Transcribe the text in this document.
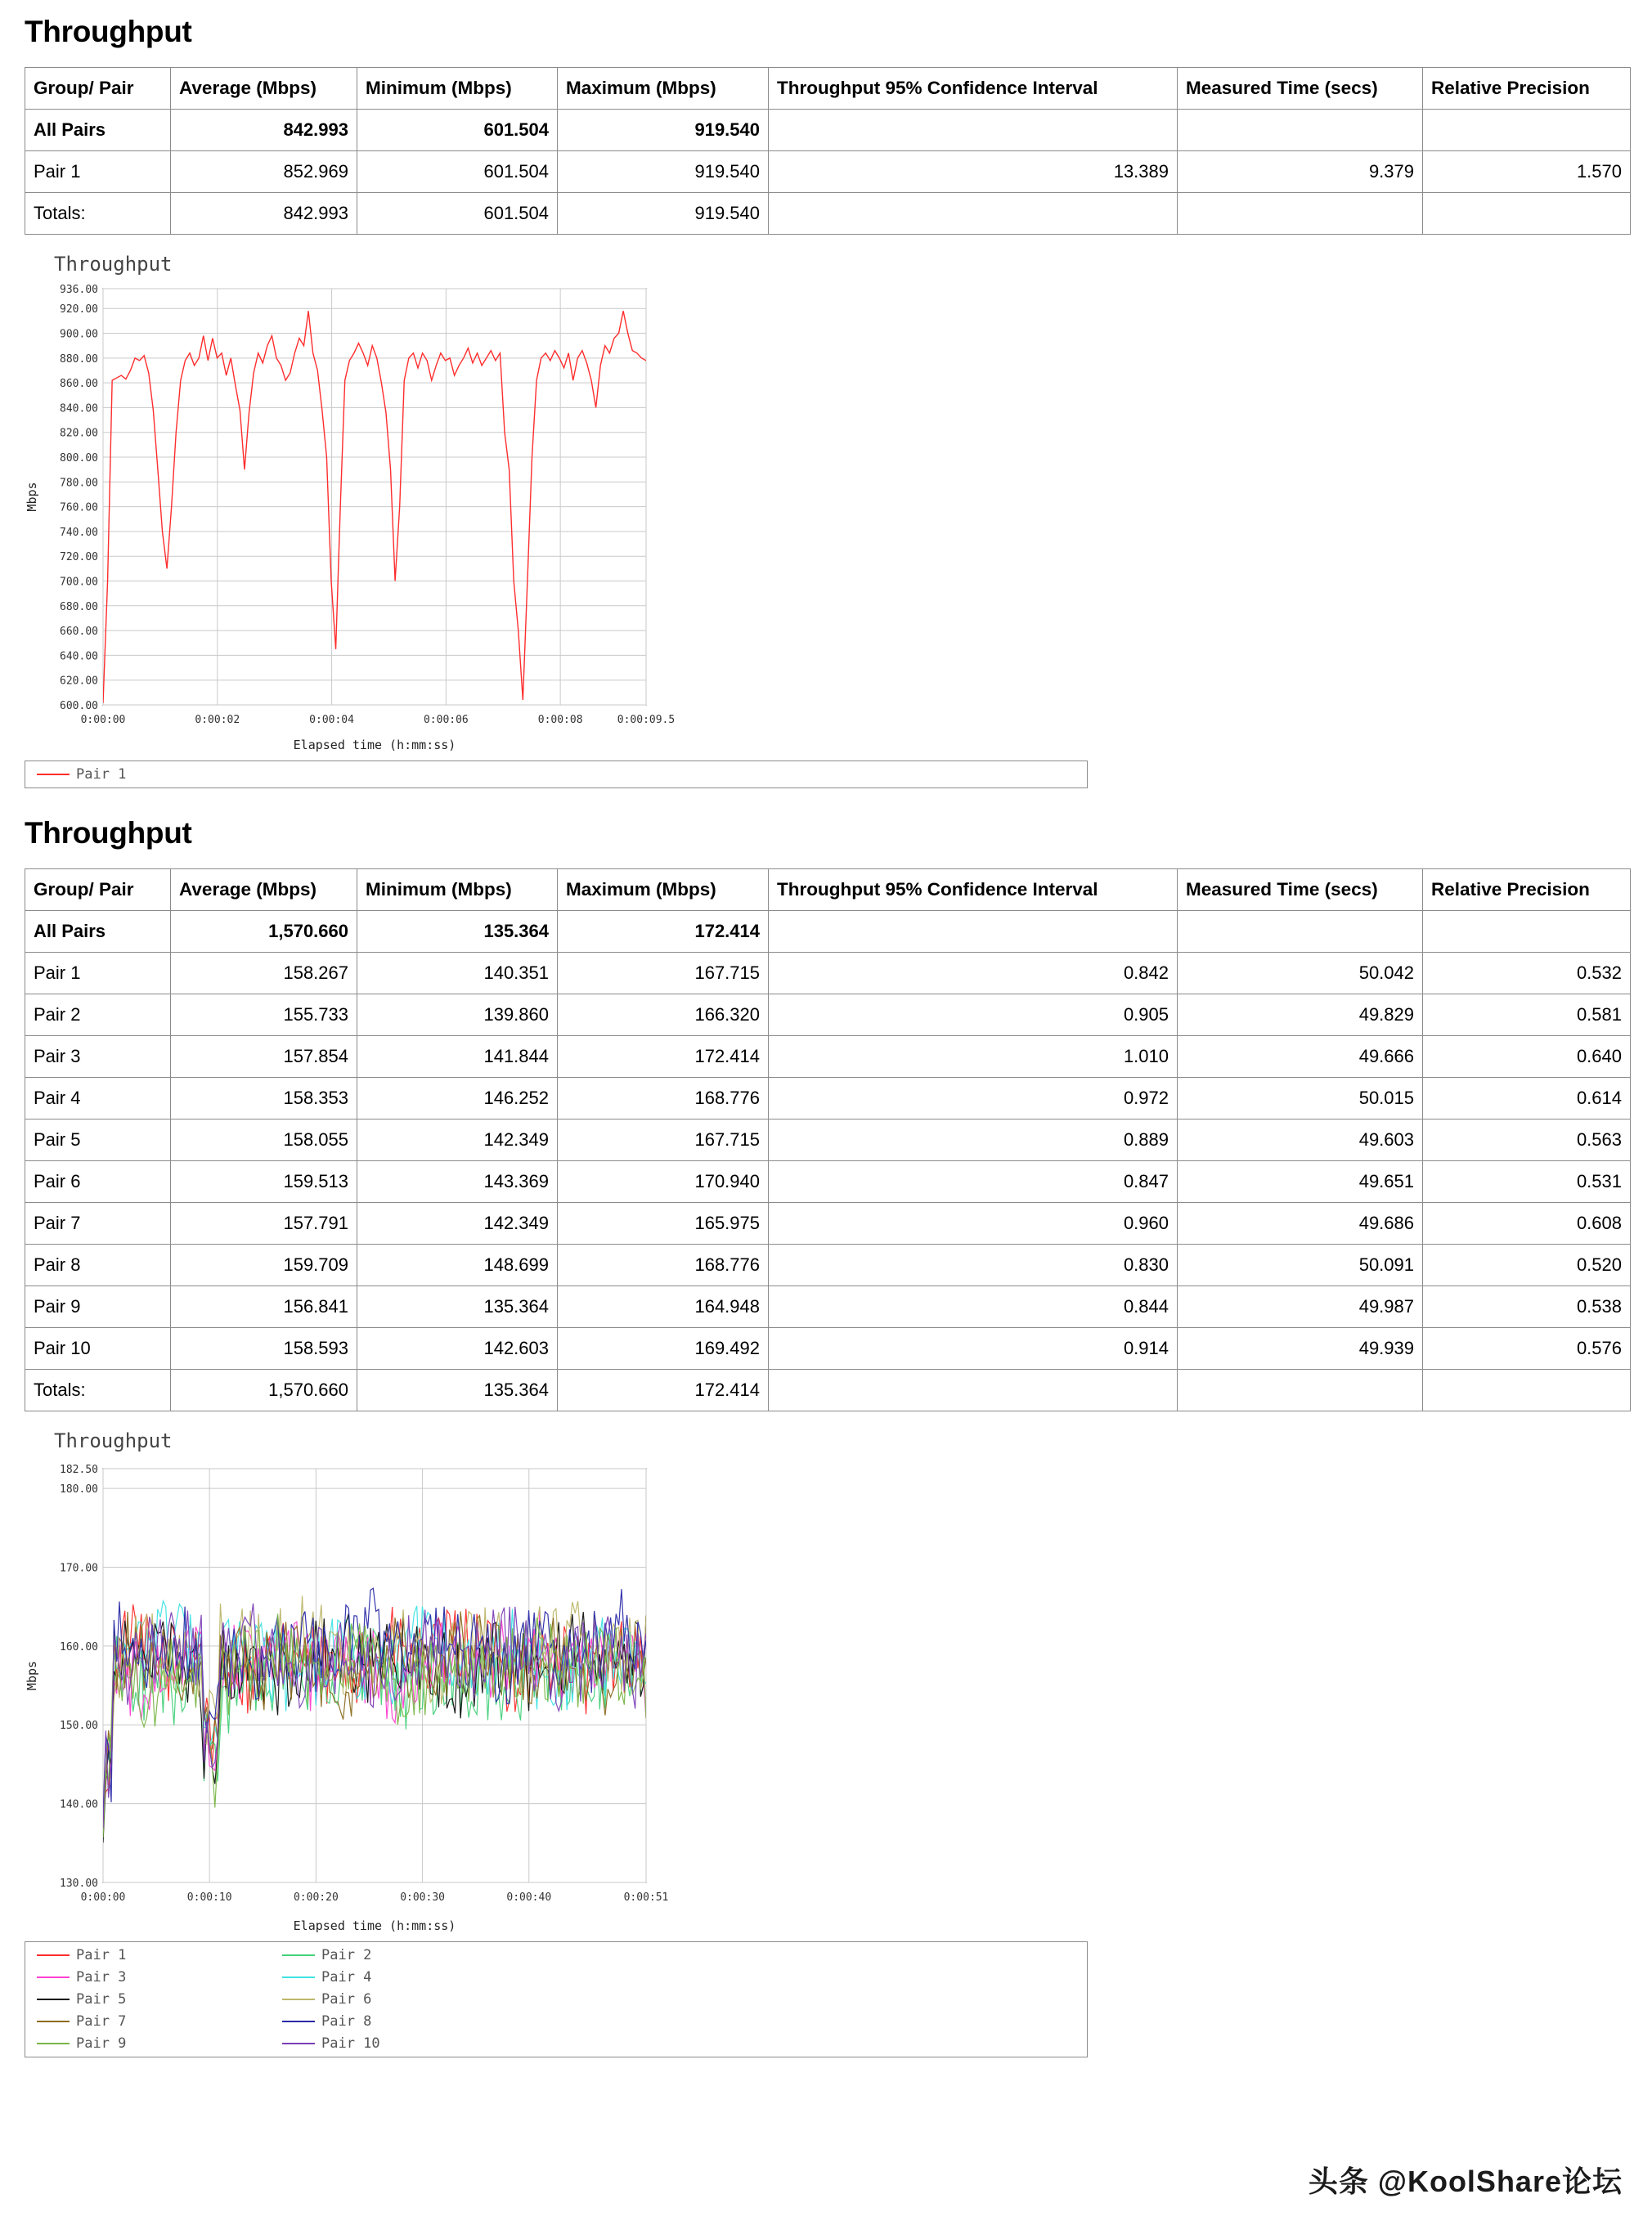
Throughput
Group/ Pair	Average (Mbps)	Minimum (Mbps)	Maximum (Mbps)	Throughput 95% Confidence Interval	Measured Time (secs)	Relative Precision
All Pairs	842.993	601.504	919.540			
Pair 1	852.969	601.504	919.540	13.389	9.379	1.570
Totals:	842.993	601.504	919.540			
Throughput
600.00
620.00
640.00
660.00
680.00
700.00
720.00
740.00
760.00
780.00
800.00
820.00
840.00
860.00
880.00
900.00
920.00
936.00
0:00:00	0:00:02	0:00:04	0:00:06	0:00:08	0:00:09.5
Elapsed time (h:mm:ss)
Mbps
Pair 1
Throughput
Group/ Pair	Average (Mbps)	Minimum (Mbps)	Maximum (Mbps)	Throughput 95% Confidence Interval	Measured Time (secs)	Relative Precision
All Pairs	1,570.660	135.364	172.414			
Pair 1	158.267	140.351	167.715	0.842	50.042	0.532
Pair 2	155.733	139.860	166.320	0.905	49.829	0.581
Pair 3	157.854	141.844	172.414	1.010	49.666	0.640
Pair 4	158.353	146.252	168.776	0.972	50.015	0.614
Pair 5	158.055	142.349	167.715	0.889	49.603	0.563
Pair 6	159.513	143.369	170.940	0.847	49.651	0.531
Pair 7	157.791	142.349	165.975	0.960	49.686	0.608
Pair 8	159.709	148.699	168.776	0.830	50.091	0.520
Pair 9	156.841	135.364	164.948	0.844	49.987	0.538
Pair 10	158.593	142.603	169.492	0.914	49.939	0.576
Totals:	1,570.660	135.364	172.414			
Throughput
130.00
140.00
150.00
160.00
170.00
180.00
182.50
0:00:00	0:00:10	0:00:20	0:00:30	0:00:40	0:00:51
Elapsed time (h:mm:ss)
Mbps
Pair 1	Pair 2
Pair 3	Pair 4
Pair 5	Pair 6
Pair 7	Pair 8
Pair 9	Pair 10
头条 @KoolShare论坛
